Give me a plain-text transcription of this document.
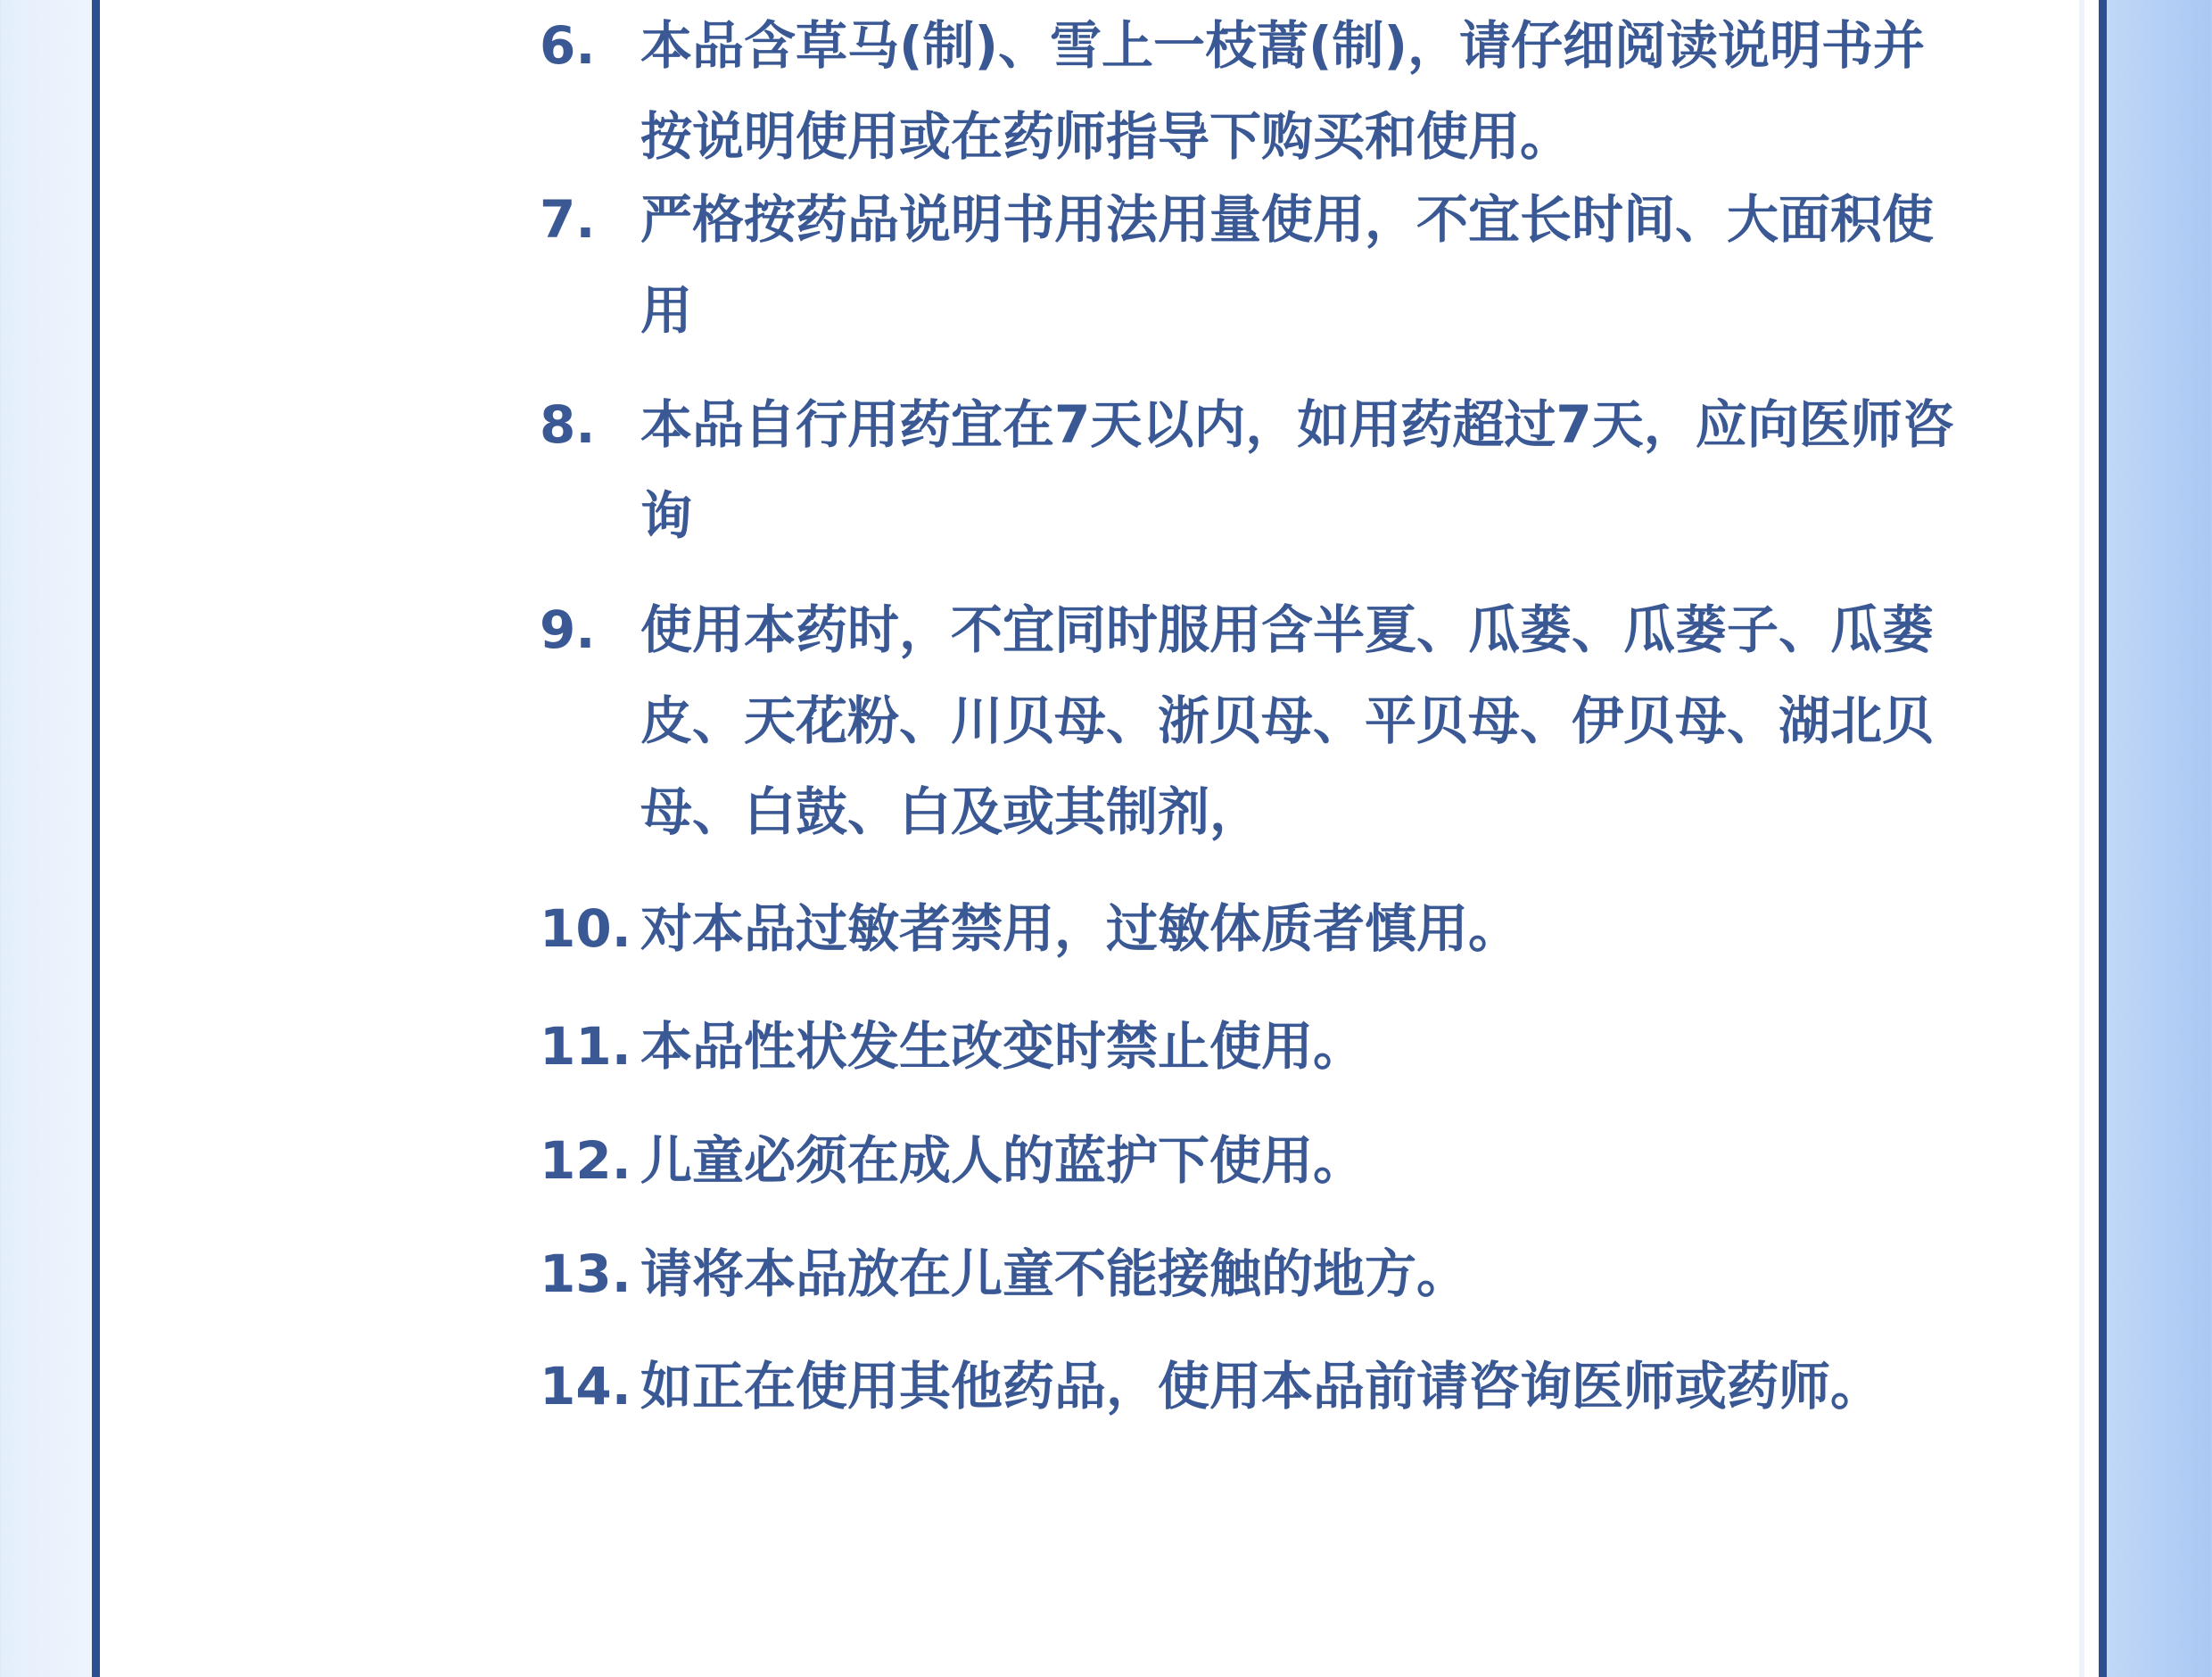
6. 本品含草马(制)、雪上一枝蒿(制)，请仔细阅读说明书并
按说明使用或在药师指导下购买和使用。
7. 严格按药品说明书用法用量使用，不宜长时间、大面积使
用
8. 本品自行用药宜在7天以内，如用药超过7天，应向医师咨
询
9. 使用本药时，不宜同时服用含半夏、瓜蒌、瓜蒌子、瓜蒌
皮、天花粉、川贝母、浙贝母、平贝母、伊贝母、湖北贝
母、白鼓、白及或其制剂，
10. 对本品过敏者禁用，过敏体质者慎用。
11. 本品性状发生改变时禁止使用。
12. 儿童必须在成人的蓝护下使用。
13. 请将本品放在儿童不能接触的地方。
14. 如正在使用其他药品，使用本品前请咨询医师或药师。
